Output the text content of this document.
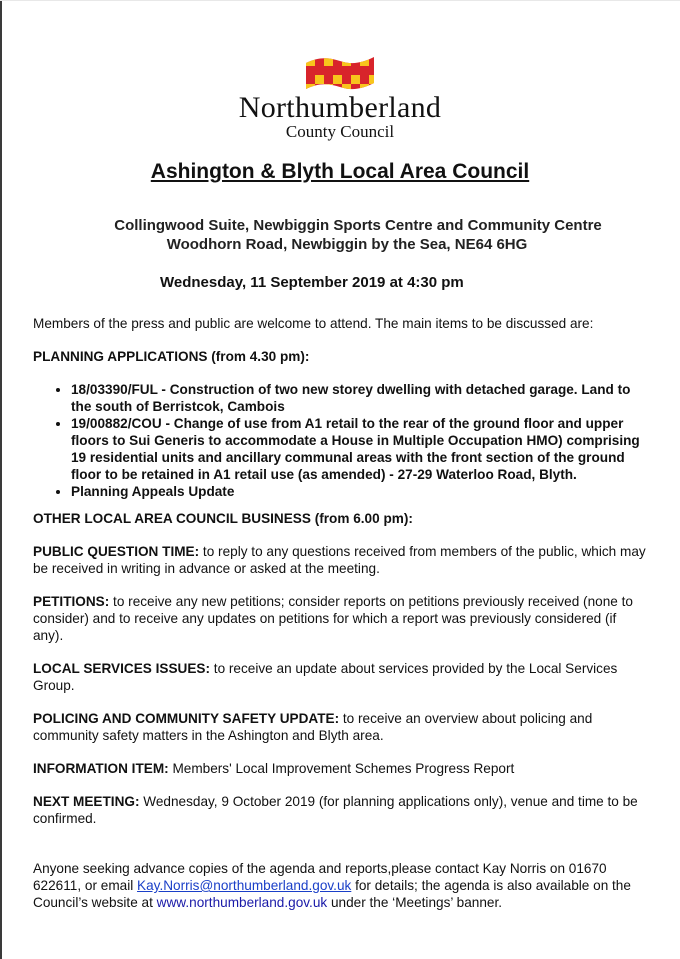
Northumberland
County Council
Ashington & Blyth Local Area Council
Collingwood Suite, Newbiggin Sports Centre and Community Centre
Woodhorn Road, Newbiggin by the Sea, NE64 6HG
Wednesday, 11 September 2019 at 4:30 pm

Members of the press and public are welcome to attend. The main items to be discussed are:

PLANNING APPLICATIONS (from 4.30 pm):

• 18/03390/FUL - Construction of two new storey dwelling with detached garage. Land to the south of Berristcok, Cambois
• 19/00882/COU - Change of use from A1 retail to the rear of the ground floor and upper floors to Sui Generis to accommodate a House in Multiple Occupation HMO) comprising 19 residential units and ancillary communal areas with the front section of the ground floor to be retained in A1 retail use (as amended) - 27-29 Waterloo Road, Blyth.
• Planning Appeals Update

OTHER LOCAL AREA COUNCIL BUSINESS (from 6.00 pm):

PUBLIC QUESTION TIME: to reply to any questions received from members of the public, which may be received in writing in advance or asked at the meeting.

PETITIONS: to receive any new petitions; consider reports on petitions previously received (none to consider) and to receive any updates on petitions for which a report was previously considered (if any).

LOCAL SERVICES ISSUES: to receive an update about services provided by the Local Services Group.

POLICING AND COMMUNITY SAFETY UPDATE: to receive an overview about policing and community safety matters in the Ashington and Blyth area.

INFORMATION ITEM: Members' Local Improvement Schemes Progress Report

NEXT MEETING: Wednesday, 9 October 2019 (for planning applications only), venue and time to be confirmed.

Anyone seeking advance copies of the agenda and reports,please contact Kay Norris on 01670 622611, or email Kay.Norris@northumberland.gov.uk for details; the agenda is also available on the Council’s website at www.northumberland.gov.uk under the ‘Meetings’ banner.
